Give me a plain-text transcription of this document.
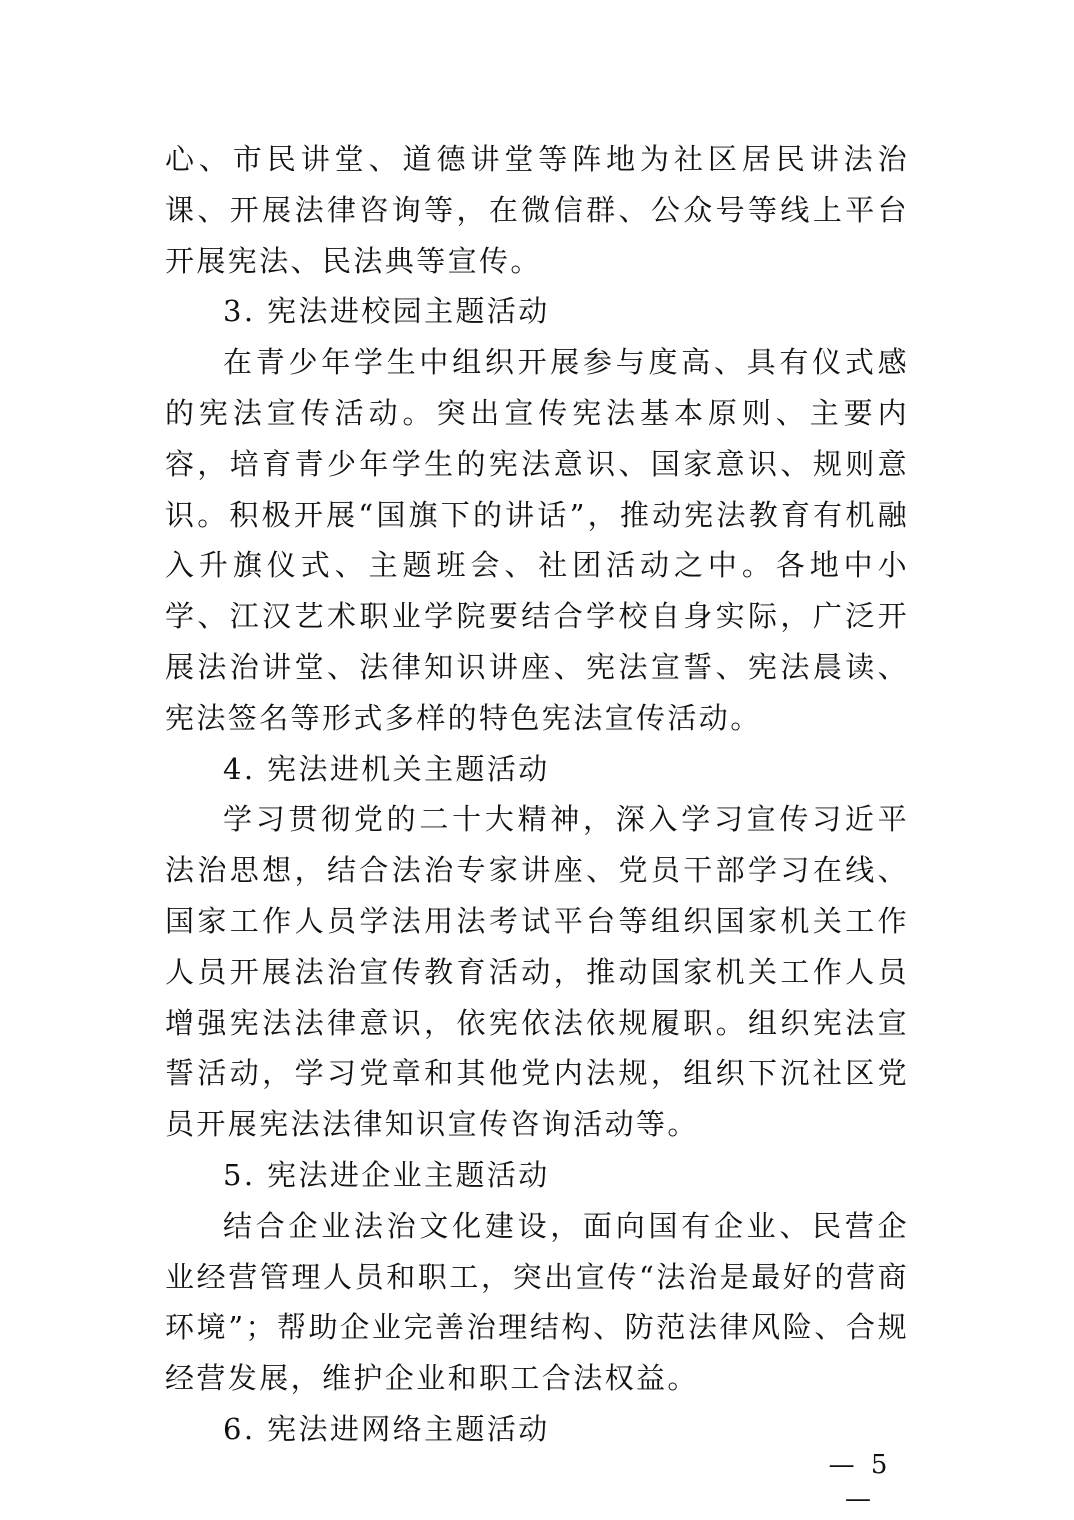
心、市民讲堂、道德讲堂等阵地为社区居民讲法治课、开展法律咨询等，在微信群、公众号等线上平台开展宪法、民法典等宣传。

3. 宪法进校园主题活动

在青少年学生中组织开展参与度高、具有仪式感的宪法宣传活动。突出宣传宪法基本原则、主要内容，培育青少年学生的宪法意识、国家意识、规则意识。积极开展“国旗下的讲话”，推动宪法教育有机融入升旗仪式、主题班会、社团活动之中。各地中小学、江汉艺术职业学院要结合学校自身实际，广泛开展法治讲堂、法律知识讲座、宪法宣誓、宪法晨读、宪法签名等形式多样的特色宪法宣传活动。

4. 宪法进机关主题活动

学习贯彻党的二十大精神，深入学习宣传习近平法治思想，结合法治专家讲座、党员干部学习在线、国家工作人员学法用法考试平台等组织国家机关工作人员开展法治宣传教育活动，推动国家机关工作人员增强宪法法律意识，依宪依法依规履职。组织宪法宣誓活动，学习党章和其他党内法规，组织下沉社区党员开展宪法法律知识宣传咨询活动等。

5. 宪法进企业主题活动

结合企业法治文化建设，面向国有企业、民营企业经营管理人员和职工，突出宣传“法治是最好的营商环境”；帮助企业完善治理结构、防范法律风险、合规经营发展，维护企业和职工合法权益。

6. 宪法进网络主题活动

— 5 —
